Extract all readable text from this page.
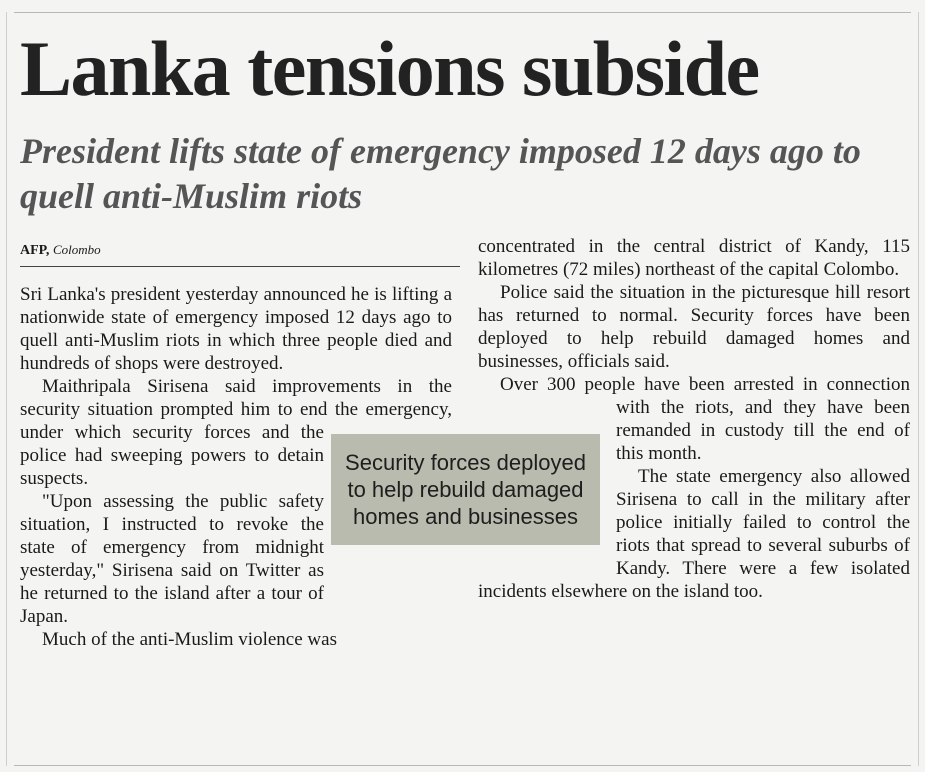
Lanka tensions subside
President lifts state of emergency imposed 12 days ago to quell anti-Muslim riots
AFP, Colombo

Sri Lanka's president yesterday announced he is lifting a nationwide state of emergency imposed 12 days ago to quell anti-Muslim riots in which three people died and hundreds of shops were destroyed.

Maithripala Sirisena said improvements in the security situation prompted him to end the emergency, under which security forces and the police had sweeping powers to detain suspects.

"Upon assessing the public safety situation, I instructed to revoke the state of emergency from midnight yesterday," Sirisena said on Twitter as he returned to the island after a tour of Japan.

Much of the anti-Muslim violence was

concentrated in the central district of Kandy, 115 kilometres (72 miles) northeast of the capital Colombo.

Police said the situation in the picturesque hill resort has returned to normal. Security forces have been deployed to help rebuild damaged homes and businesses, officials said.

Over 300 people have been arrested in connection with the riots, and they have been remanded in custody till the end of this month.

The state emergency also allowed Sirisena to call in the military after police initially failed to control the riots that spread to several suburbs of Kandy. There were a few isolated incidents elsewhere on the island too.

Security forces deployed to help rebuild damaged homes and businesses
